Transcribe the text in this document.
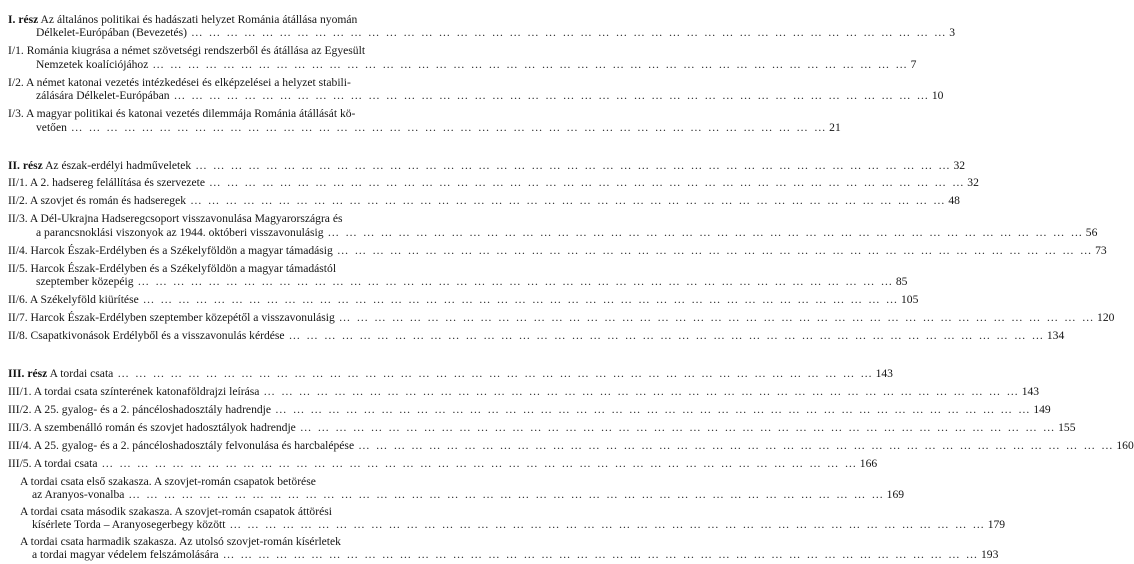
I. rész Az általános politikai és hadászati helyzet Románia átállása nyomán
Délkelet-Európában (Bevezetés) … … … … … … … … … … … … … … … … … … … … … … … … … … … … … … … … … … … … … … … … … … …	3
I/1. Románia kiugrása a német szövetségi rendszerből és átállása az Egyesült
Nemzetek koalíciójához … … … … … … … … … … … … … … … … … … … … … … … … … … … … … … … … … … … … … … … … … … …	7
I/2. A német katonai vezetés intézkedései és elképzelései a helyzet stabili-
zálására Délkelet-Európában … … … … … … … … … … … … … … … … … … … … … … … … … … … … … … … … … … … … … … … … … … …	10
I/3. A magyar politikai és katonai vezetés dilemmája Románia átállását kö-
vetően … … … … … … … … … … … … … … … … … … … … … … … … … … … … … … … … … … … … … … … … … … …	21
II. rész Az észak-erdélyi hadműveletek … … … … … … … … … … … … … … … … … … … … … … … … … … … … … … … … … … … … … … … … … … …	32
II/1. A 2. hadsereg felállítása és szervezete … … … … … … … … … … … … … … … … … … … … … … … … … … … … … … … … … … … … … … … … … … …	32
II/2. A szovjet és román és hadseregek … … … … … … … … … … … … … … … … … … … … … … … … … … … … … … … … … … … … … … … … … … …	48
II/3. A Dél-Ukrajna Hadseregcsoport visszavonulása Magyarországra és
a parancsnoklási viszonyok az 1944. októberi visszavonulásig … … … … … … … … … … … … … … … … … … … … … … … … … … … … … … … … … … … … … … … … … … …	56
II/4. Harcok Észak-Erdélyben és a Székelyföldön a magyar támadásig … … … … … … … … … … … … … … … … … … … … … … … … … … … … … … … … … … … … … … … … … … …	73
II/5. Harcok Észak-Erdélyben és a Székelyföldön a magyar támadástól
szeptember közepéig … … … … … … … … … … … … … … … … … … … … … … … … … … … … … … … … … … … … … … … … … … …	85
II/6. A Székelyföld kiürítése … … … … … … … … … … … … … … … … … … … … … … … … … … … … … … … … … … … … … … … … … … …	105
II/7. Harcok Észak-Erdélyben szeptember közepétől a visszavonulásig … … … … … … … … … … … … … … … … … … … … … … … … … … … … … … … … … … … … … … … … … … …	120
II/8. Csapatkivonások Erdélyből és a visszavonulás kérdése … … … … … … … … … … … … … … … … … … … … … … … … … … … … … … … … … … … … … … … … … … …	134
III. rész A tordai csata … … … … … … … … … … … … … … … … … … … … … … … … … … … … … … … … … … … … … … … … … … …	143
III/1. A tordai csata színterének katonaföldrajzi leírása … … … … … … … … … … … … … … … … … … … … … … … … … … … … … … … … … … … … … … … … … … …	143
III/2. A 25. gyalog- és a 2. páncéloshadosztály hadrendje … … … … … … … … … … … … … … … … … … … … … … … … … … … … … … … … … … … … … … … … … … …	149
III/3. A szembenálló román és szovjet hadosztályok hadrendje … … … … … … … … … … … … … … … … … … … … … … … … … … … … … … … … … … … … … … … … … … …	155
III/4. A 25. gyalog- és a 2. páncéloshadosztály felvonulása és harcbalépése … … … … … … … … … … … … … … … … … … … … … … … … … … … … … … … … … … … … … … … … … … …	160
III/5. A tordai csata … … … … … … … … … … … … … … … … … … … … … … … … … … … … … … … … … … … … … … … … … … …	166
A tordai csata első szakasza. A szovjet-román csapatok betörése
az Aranyos-vonalba … … … … … … … … … … … … … … … … … … … … … … … … … … … … … … … … … … … … … … … … … … …	169
A tordai csata második szakasza. A szovjet-román csapatok áttörési
kísérlete Torda – Aranyosegerbegy között … … … … … … … … … … … … … … … … … … … … … … … … … … … … … … … … … … … … … … … … … … …	179
A tordai csata harmadik szakasza. Az utolsó szovjet-román kísérletek
a tordai magyar védelem felszámolására … … … … … … … … … … … … … … … … … … … … … … … … … … … … … … … … … … … … … … … … … … …	193
